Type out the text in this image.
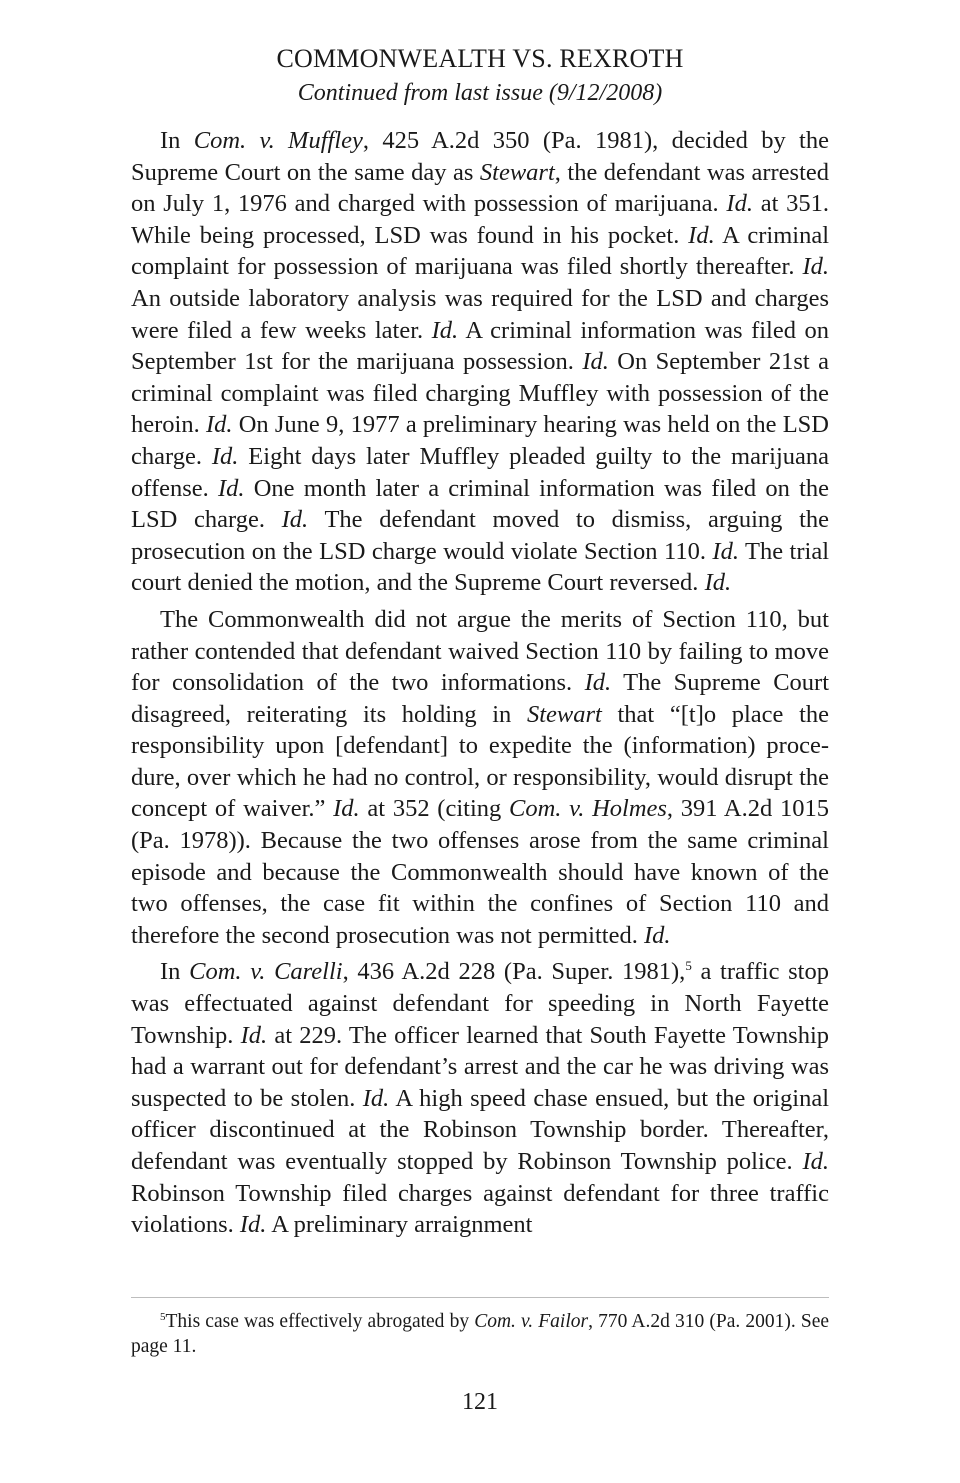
COMMONWEALTH VS. REXROTH
Continued from last issue (9/12/2008)

In Com. v. Muffley, 425 A.2d 350 (Pa. 1981), decided by the Supreme Court on the same day as Stewart, the defendant was arrested on July 1, 1976 and charged with possession of marijuana. Id. at 351. While being processed, LSD was found in his pocket. Id. A criminal complaint for possession of marijuana was filed shortly thereafter. Id. An outside laboratory analysis was required for the LSD and charges were filed a few weeks later. Id. A criminal information was filed on September 1st for the marijuana possession. Id. On September 21st a criminal complaint was filed charging Muffley with possession of the heroin. Id. On June 9, 1977 a preliminary hearing was held on the LSD charge. Id. Eight days later Muffley pleaded guilty to the marijuana offense. Id. One month later a criminal information was filed on the LSD charge. Id. The defendant moved to dismiss, arguing the prosecution on the LSD charge would violate Section 110. Id. The trial court denied the motion, and the Supreme Court reversed. Id.

The Commonwealth did not argue the merits of Section 110, but rather contended that defendant waived Section 110 by failing to move for consolidation of the two informations. Id. The Supreme Court disagreed, reiterating its holding in Stewart that “[t]o place the responsibility upon [defendant] to expedite the (information) procedure, over which he had no control, or responsibility, would disrupt the concept of waiver.” Id. at 352 (citing Com. v. Holmes, 391 A.2d 1015 (Pa. 1978)). Because the two offenses arose from the same criminal episode and because the Commonwealth should have known of the two offenses, the case fit within the confines of Section 110 and therefore the second prosecution was not permitted. Id.

In Com. v. Carelli, 436 A.2d 228 (Pa. Super. 1981),$^5$ a traffic stop was effectuated against defendant for speeding in North Fayette Township. Id. at 229. The officer learned that South Fayette Township had a warrant out for defendant’s arrest and the car he was driving was suspected to be stolen. Id. A high speed chase ensued, but the original officer discontinued at the Robinson Township border. Thereafter, defendant was eventually stopped by Robinson Township police. Id. Robinson Township filed charges against defendant for three traffic violations. Id. A preliminary arraignment

$^5$This case was effectively abrogated by Com. v. Failor, 770 A.2d 310 (Pa. 2001). See page 11.

121
